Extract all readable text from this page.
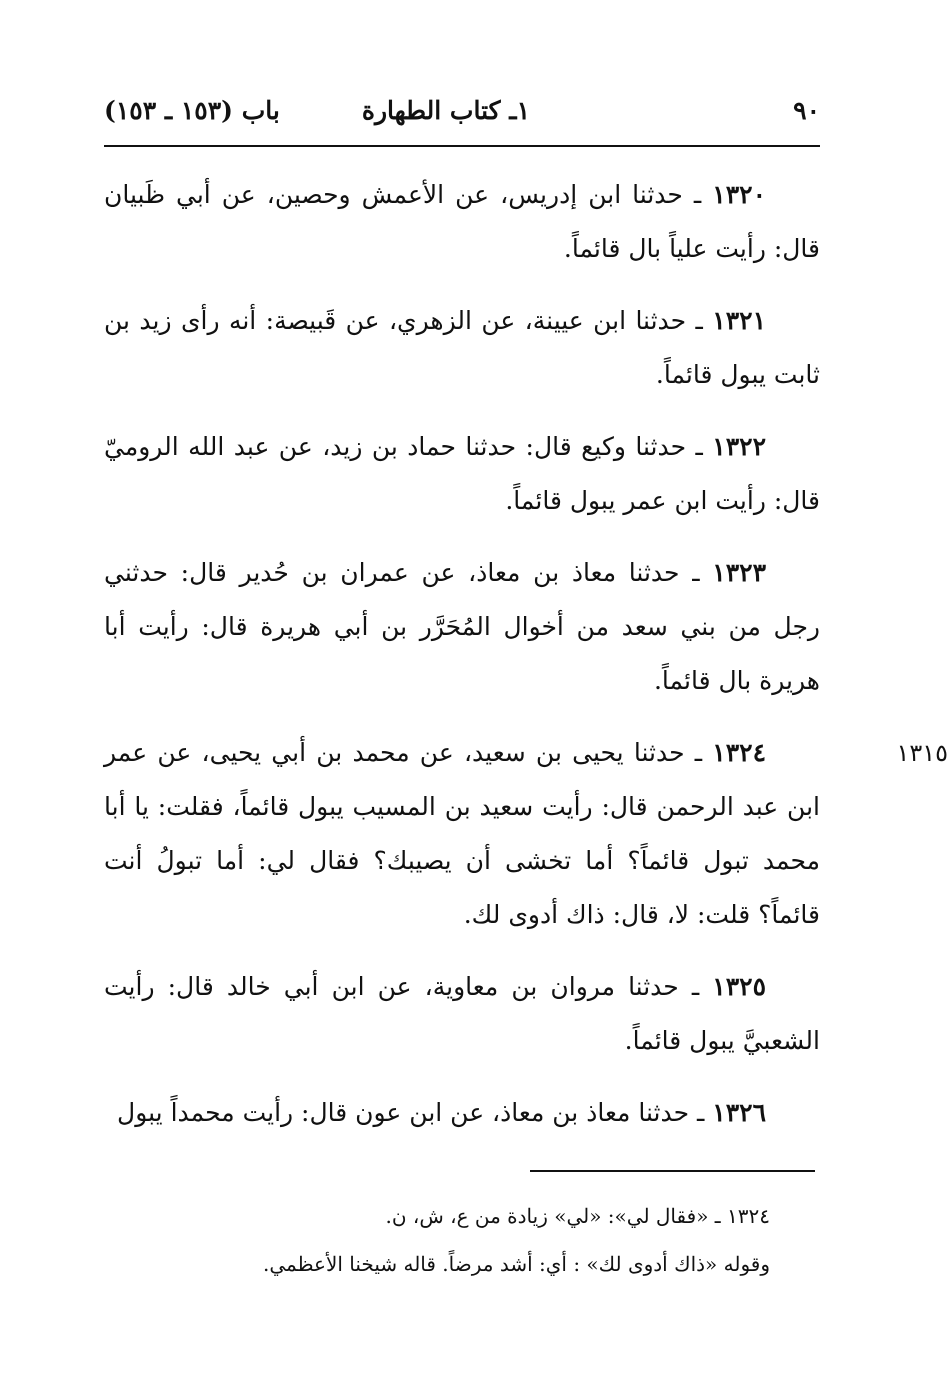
٩٠
١ـ كتاب الطهارة
باب (١٥٣ ـ ١٥٣)

١٣٢٠ ـ حدثنا ابن إدريس، عن الأعمش وحصين، عن أبي ظَبيان قال: رأيت علياً بال قائماً.

١٣٢١ ـ حدثنا ابن عيينة، عن الزهري، عن قَبيصة: أنه رأى زيد بن ثابت يبول قائماً.

١٣٢٢ ـ حدثنا وكيع قال: حدثنا حماد بن زيد، عن عبد الله الروميّ قال: رأيت ابن عمر يبول قائماً.

١٣٢٣ ـ حدثنا معاذ بن معاذ، عن عمران بن حُدير قال: حدثني رجل من بني سعد من أخوال المُحَرَّر بن أبي هريرة قال: رأيت أبا هريرة بال قائماً.

١٣١٥
١٣٢٤ ـ حدثنا يحيى بن سعيد، عن محمد بن أبي يحيى، عن عمر ابن عبد الرحمن قال: رأيت سعيد بن المسيب يبول قائماً، فقلت: يا أبا محمد تبول قائماً؟ أما تخشى أن يصيبك؟ فقال لي: أما تبولُ أنت قائماً؟ قلت: لا، قال: ذاك أدوى لك.

١٣٢٥ ـ حدثنا مروان بن معاوية، عن ابن أبي خالد قال: رأيت الشعبيَّ يبول قائماً.

١٣٢٦ ـ حدثنا معاذ بن معاذ، عن ابن عون قال: رأيت محمداً يبول

١٣٢٤ ـ «فقال لي»: «لي» زيادة من ع، ش، ن.

وقوله «ذاك أدوى لك» : أي: أشد مرضاً. قاله شيخنا الأعظمي.
